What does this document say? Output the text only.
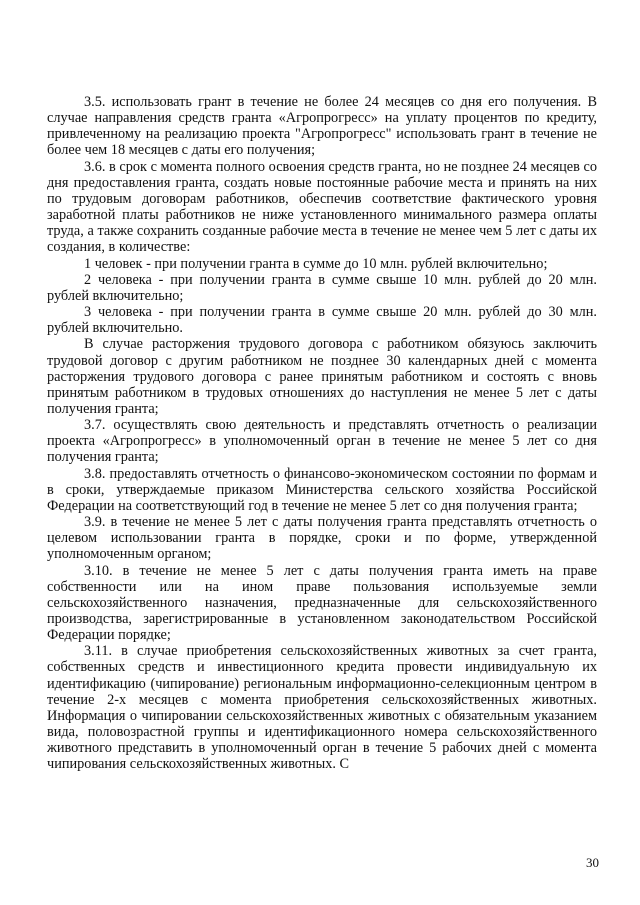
3.5. использовать грант в течение не более 24 месяцев со дня его получения. В случае направления средств гранта «Агропрогресс» на уплату процентов по кредиту, привлеченному на реализацию проекта "Агропрогресс" использовать грант в течение не более чем 18 месяцев с даты его получения;

3.6. в срок с момента полного освоения средств гранта, но не позднее 24 месяцев со дня предоставления гранта, создать новые постоянные рабочие места и принять на них по трудовым договорам работников, обеспечив соответствие фактического уровня заработной платы работников не ниже установленного минимального размера оплаты труда, а также сохранить созданные рабочие места в течение не менее чем 5 лет с даты их создания, в количестве:

1 человек - при получении гранта в сумме до 10 млн. рублей включительно;

2 человека - при получении гранта в сумме свыше 10 млн. рублей до 20 млн. рублей включительно;

3 человека - при получении гранта в сумме свыше 20 млн. рублей до 30 млн. рублей включительно.

В случае расторжения трудового договора с работником обязуюсь заключить трудовой договор с другим работником не позднее 30 календарных дней с момента расторжения трудового договора с ранее принятым работником и состоять с вновь принятым работником в трудовых отношениях до наступления не менее 5 лет с даты получения гранта;

3.7. осуществлять свою деятельность и представлять отчетность о реализации проекта «Агропрогресс» в уполномоченный орган в течение не менее 5 лет со дня получения гранта;

3.8. предоставлять отчетность о финансово-экономическом состоянии по формам и в сроки, утверждаемые приказом Министерства сельского хозяйства Российской Федерации на соответствующий год в течение не менее 5 лет со дня получения гранта;

3.9. в течение не менее 5 лет с даты получения гранта представлять отчетность о целевом использовании гранта в порядке, сроки и по форме, утвержденной уполномоченным органом;

3.10. в течение не менее 5 лет с даты получения гранта иметь на праве собственности или на ином праве пользования используемые земли сельскохозяйственного назначения, предназначенные для сельскохозяйственного производства, зарегистрированные в установленном законодательством Российской Федерации порядке;

3.11. в случае приобретения сельскохозяйственных животных за счет гранта, собственных средств и инвестиционного кредита провести индивидуальную их идентификацию (чипирование) региональным информационно-селекционным центром в течение 2-х месяцев с момента приобретения сельскохозяйственных животных. Информация о чипировании сельскохозяйственных животных с обязательным указанием вида, половозрастной группы и идентификационного номера сельскохозяйственного животного представить в уполномоченный орган в течение 5 рабочих дней с момента чипирования сельскохозяйственных животных. С

30
